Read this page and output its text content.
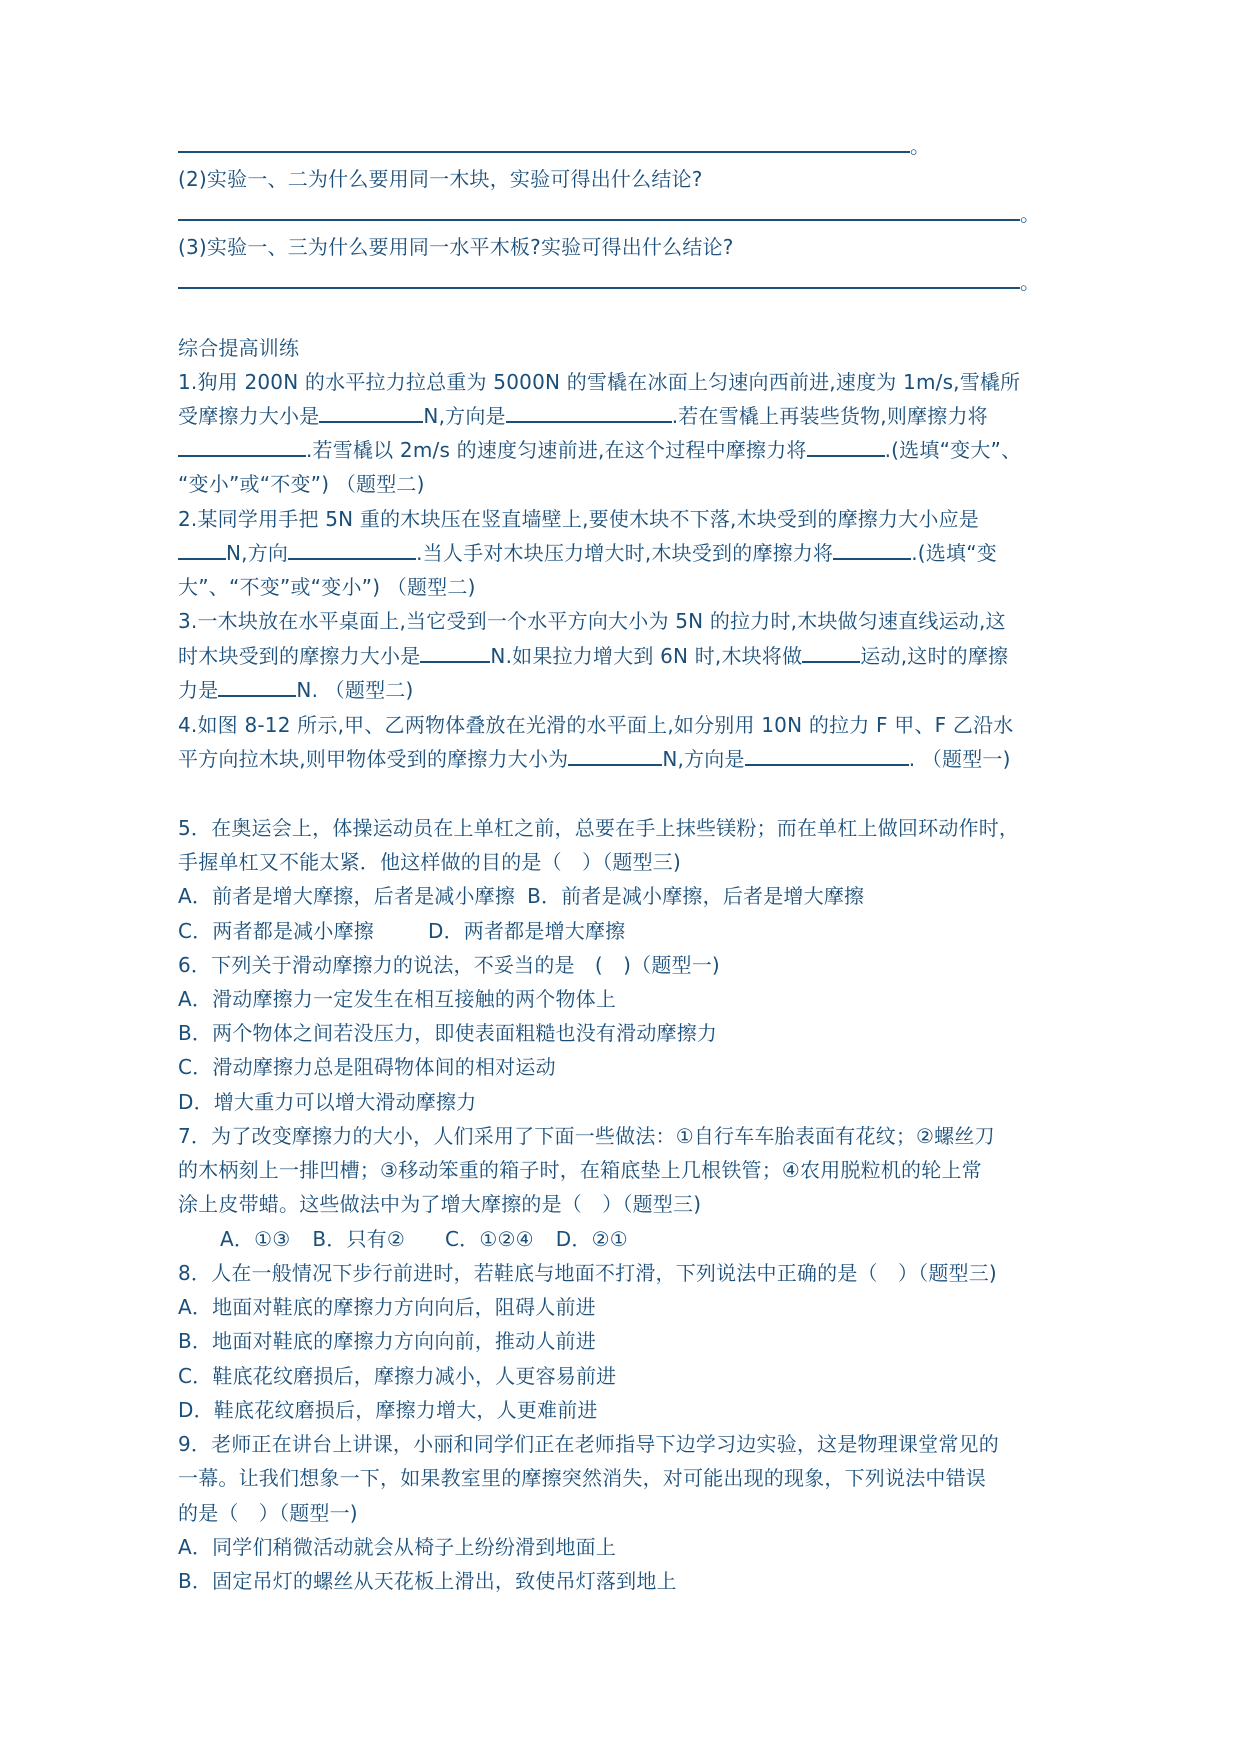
。
(2)实验一、二为什么要用同一木块，实验可得出什么结论?
。
(3)实验一、三为什么要用同一水平木板?实验可得出什么结论?
。
综合提高训练
1.狗用 200N 的水平拉力拉总重为 5000N 的雪橇在冰面上匀速向西前进,速度为 1m/s,雪橇所
受摩擦力大小是	N,方向是	.若在雪橇上再装些货物,则摩擦力将
.若雪橇以 2m/s 的速度匀速前进,在这个过程中摩擦力将	.(选填“变大”、
“变小”或“不变”) （题型二)
2.某同学用手把 5N 重的木块压在竖直墙壁上,要使木块不下落,木块受到的摩擦力大小应是
N,方向	.当人手对木块压力增大时,木块受到的摩擦力将	.(选填“变
大”、“不变”或“变小”) （题型二)
3.一木块放在水平桌面上,当它受到一个水平方向大小为 5N 的拉力时,木块做匀速直线运动,这
时木块受到的摩擦力大小是	N.如果拉力增大到 6N 时,木块将做	运动,这时的摩擦
力是	N. （题型二)
4.如图 8-12 所示,甲、乙两物体叠放在光滑的水平面上,如分别用 10N 的拉力 F 甲、F 乙沿水
平方向拉木块,则甲物体受到的摩擦力大小为	N,方向是	. （题型一)
5．在奥运会上，体操运动员在上单杠之前，总要在手上抹些镁粉；而在单杠上做回环动作时，
手握单杠又不能太紧．他这样做的目的是（　）（题型三)
A．前者是增大摩擦，后者是减小摩擦 B．前者是减小摩擦，后者是增大摩擦
C．两者都是减小摩擦	D．两者都是增大摩擦
6．下列关于滑动摩擦力的说法，不妥当的是　(　)（题型一)
A．滑动摩擦力一定发生在相互接触的两个物体上
B．两个物体之间若没压力，即使表面粗糙也没有滑动摩擦力
C．滑动摩擦力总是阻碍物体间的相对运动
D．增大重力可以增大滑动摩擦力
7．为了改变摩擦力的大小，人们采用了下面一些做法：①自行车车胎表面有花纹；②螺丝刀
的木柄刻上一排凹槽；③移动笨重的箱子时，在箱底垫上几根铁管；④农用脱粒机的轮上常
涂上皮带蜡。这些做法中为了增大摩擦的是（　）（题型三)
A．①③ B．只有② C．①②④ D．②①
8．人在一般情况下步行前进时，若鞋底与地面不打滑，下列说法中正确的是（　）（题型三)
A．地面对鞋底的摩擦力方向向后，阻碍人前进
B．地面对鞋底的摩擦力方向向前，推动人前进
C．鞋底花纹磨损后，摩擦力减小，人更容易前进
D．鞋底花纹磨损后，摩擦力增大，人更难前进
9．老师正在讲台上讲课，小丽和同学们正在老师指导下边学习边实验，这是物理课堂常见的
一幕。让我们想象一下，如果教室里的摩擦突然消失，对可能出现的现象，下列说法中错误
的是（　）（题型一)
A．同学们稍微活动就会从椅子上纷纷滑到地面上
B．固定吊灯的螺丝从天花板上滑出，致使吊灯落到地上
